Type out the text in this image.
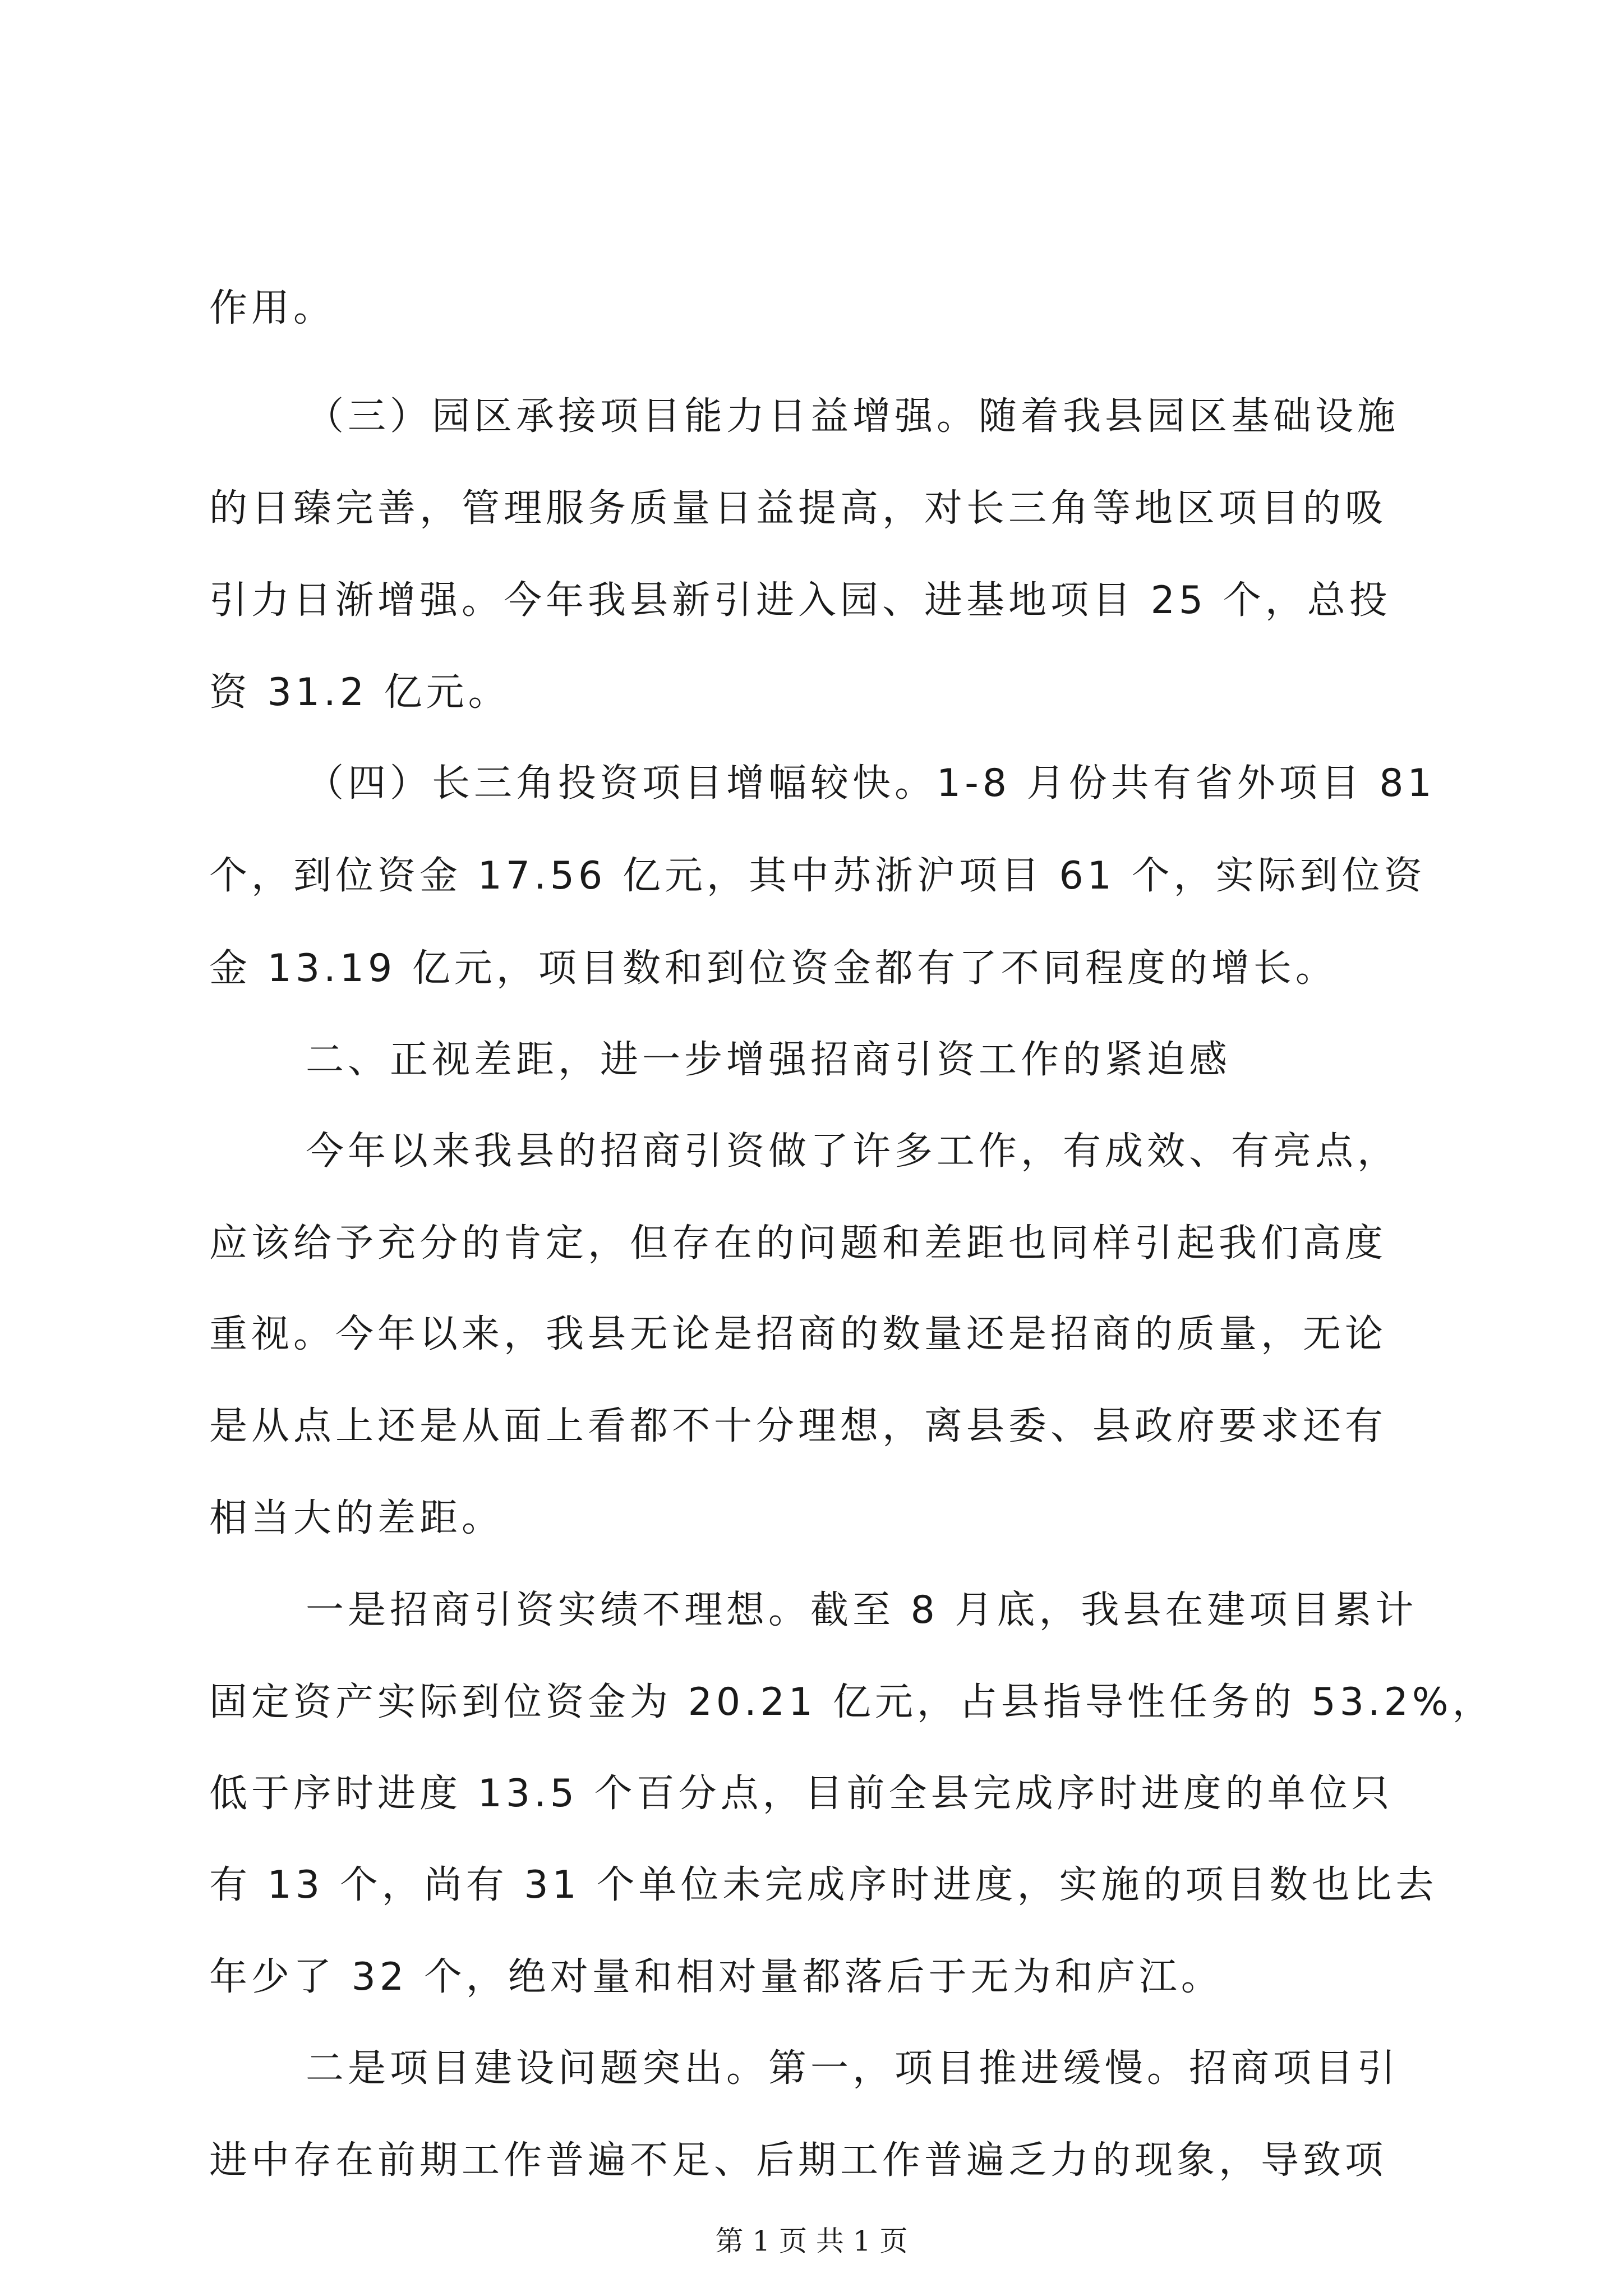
作用。
（三）园区承接项目能力日益增强。随着我县园区基础设施
的日臻完善，管理服务质量日益提高，对长三角等地区项目的吸
引力日渐增强。今年我县新引进入园、进基地项目 25 个，总投
资 31.2 亿元。
（四）长三角投资项目增幅较快。1-8 月份共有省外项目 81
个，到位资金 17.56 亿元，其中苏浙沪项目 61 个，实际到位资
金 13.19 亿元，项目数和到位资金都有了不同程度的增长。
二、正视差距，进一步增强招商引资工作的紧迫感
今年以来我县的招商引资做了许多工作，有成效、有亮点，
应该给予充分的肯定，但存在的问题和差距也同样引起我们高度
重视。今年以来，我县无论是招商的数量还是招商的质量，无论
是从点上还是从面上看都不十分理想，离县委、县政府要求还有
相当大的差距。
一是招商引资实绩不理想。截至 8 月底，我县在建项目累计
固定资产实际到位资金为 20.21 亿元，占县指导性任务的 53.2%，
低于序时进度 13.5 个百分点，目前全县完成序时进度的单位只
有 13 个，尚有 31 个单位未完成序时进度，实施的项目数也比去
年少了 32 个，绝对量和相对量都落后于无为和庐江。
二是项目建设问题突出。第一，项目推进缓慢。招商项目引
进中存在前期工作普遍不足、后期工作普遍乏力的现象，导致项
第 1 页 共 1 页
